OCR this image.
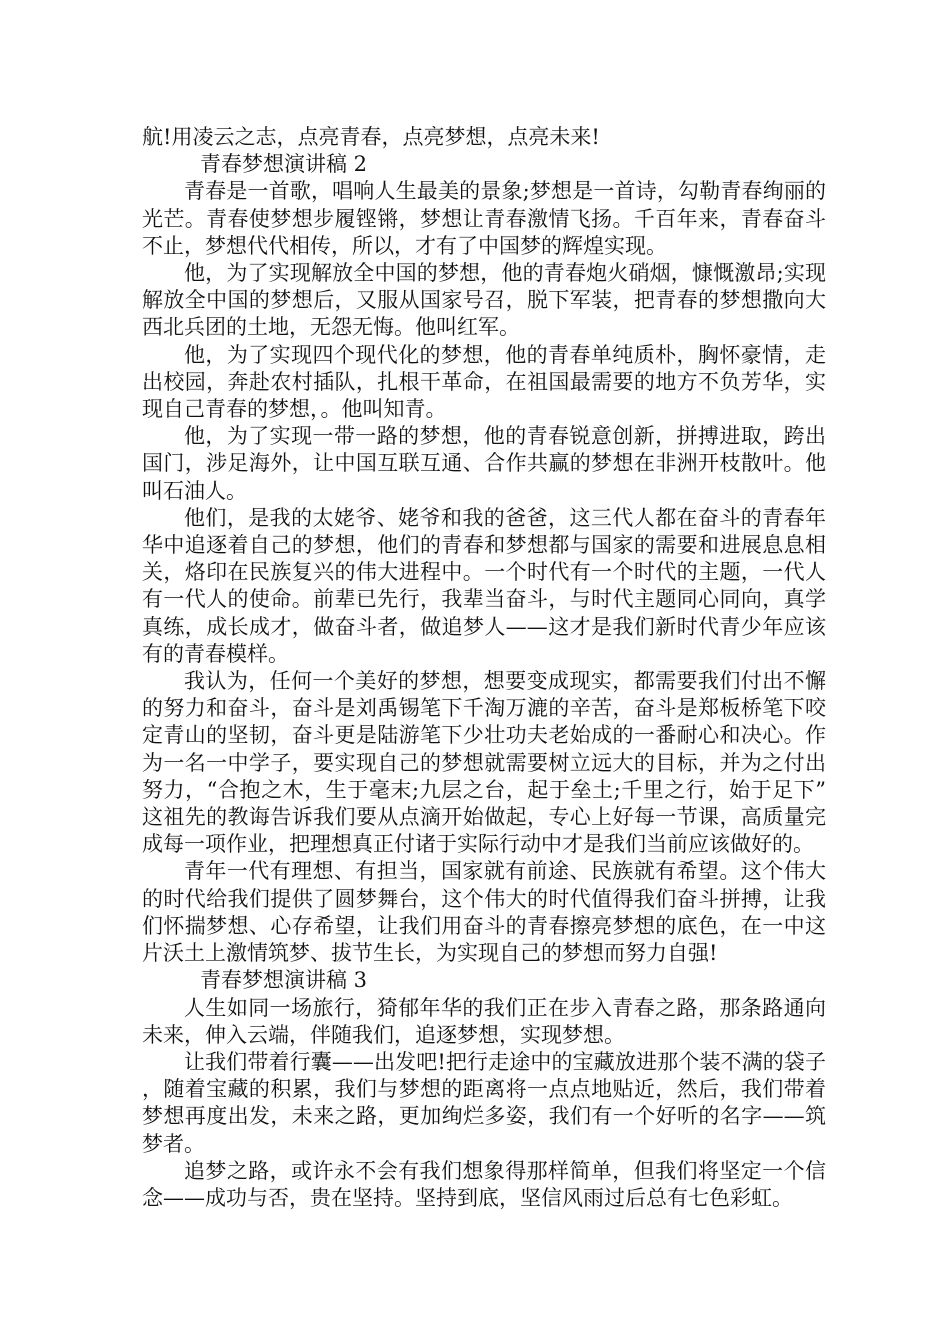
航!用凌云之志，点亮青春，点亮梦想，点亮未来!

青春梦想演讲稿 2

青春是一首歌，唱响人生最美的景象;梦想是一首诗，勾勒青春绚丽的光芒。青春使梦想步履铿锵，梦想让青春激情飞扬。千百年来，青春奋斗不止，梦想代代相传，所以，才有了中国梦的辉煌实现。

他，为了实现解放全中国的梦想，他的青春炮火硝烟，慷慨激昂;实现解放全中国的梦想后，又服从国家号召，脱下军装，把青春的梦想撒向大西北兵团的土地，无怨无悔。他叫红军。

他，为了实现四个现代化的梦想，他的青春单纯质朴，胸怀豪情，走出校园，奔赴农村插队，扎根干革命，在祖国最需要的地方不负芳华，实现自己青春的梦想，。他叫知青。

他，为了实现一带一路的梦想，他的青春锐意创新，拼搏进取，跨出国门，涉足海外，让中国互联互通、合作共赢的梦想在非洲开枝散叶。他叫石油人。

他们，是我的太姥爷、姥爷和我的爸爸，这三代人都在奋斗的青春年华中追逐着自己的梦想，他们的青春和梦想都与国家的需要和进展息息相关，烙印在民族复兴的伟大进程中。一个时代有一个时代的主题，一代人有一代人的使命。前辈已先行，我辈当奋斗，与时代主题同心同向，真学真练，成长成才，做奋斗者，做追梦人——这才是我们新时代青少年应该有的青春模样。

我认为，任何一个美好的梦想，想要变成现实，都需要我们付出不懈的努力和奋斗，奋斗是刘禹锡笔下千淘万漉的辛苦，奋斗是郑板桥笔下咬定青山的坚韧，奋斗更是陆游笔下少壮功夫老始成的一番耐心和决心。作为一名一中学子，要实现自己的梦想就需要树立远大的目标，并为之付出努力，“合抱之木，生于毫末;九层之台，起于垒土;千里之行，始于足下”这祖先的教诲告诉我们要从点滴开始做起，专心上好每一节课，高质量完成每一项作业，把理想真正付诸于实际行动中才是我们当前应该做好的。

青年一代有理想、有担当，国家就有前途、民族就有希望。这个伟大的时代给我们提供了圆梦舞台，这个伟大的时代值得我们奋斗拼搏，让我们怀揣梦想、心存希望，让我们用奋斗的青春擦亮梦想的底色，在一中这片沃土上激情筑梦、拔节生长，为实现自己的梦想而努力自强!

青春梦想演讲稿 3

人生如同一场旅行，猗郁年华的我们正在步入青春之路，那条路通向未来，伸入云端，伴随我们，追逐梦想，实现梦想。

让我们带着行囊——出发吧!把行走途中的宝藏放进那个装不满的袋子，随着宝藏的积累，我们与梦想的距离将一点点地贴近，然后，我们带着梦想再度出发，未来之路，更加绚烂多姿，我们有一个好听的名字——筑梦者。

追梦之路，或许永不会有我们想象得那样简单，但我们将坚定一个信念——成功与否，贵在坚持。坚持到底，坚信风雨过后总有七色彩虹。
